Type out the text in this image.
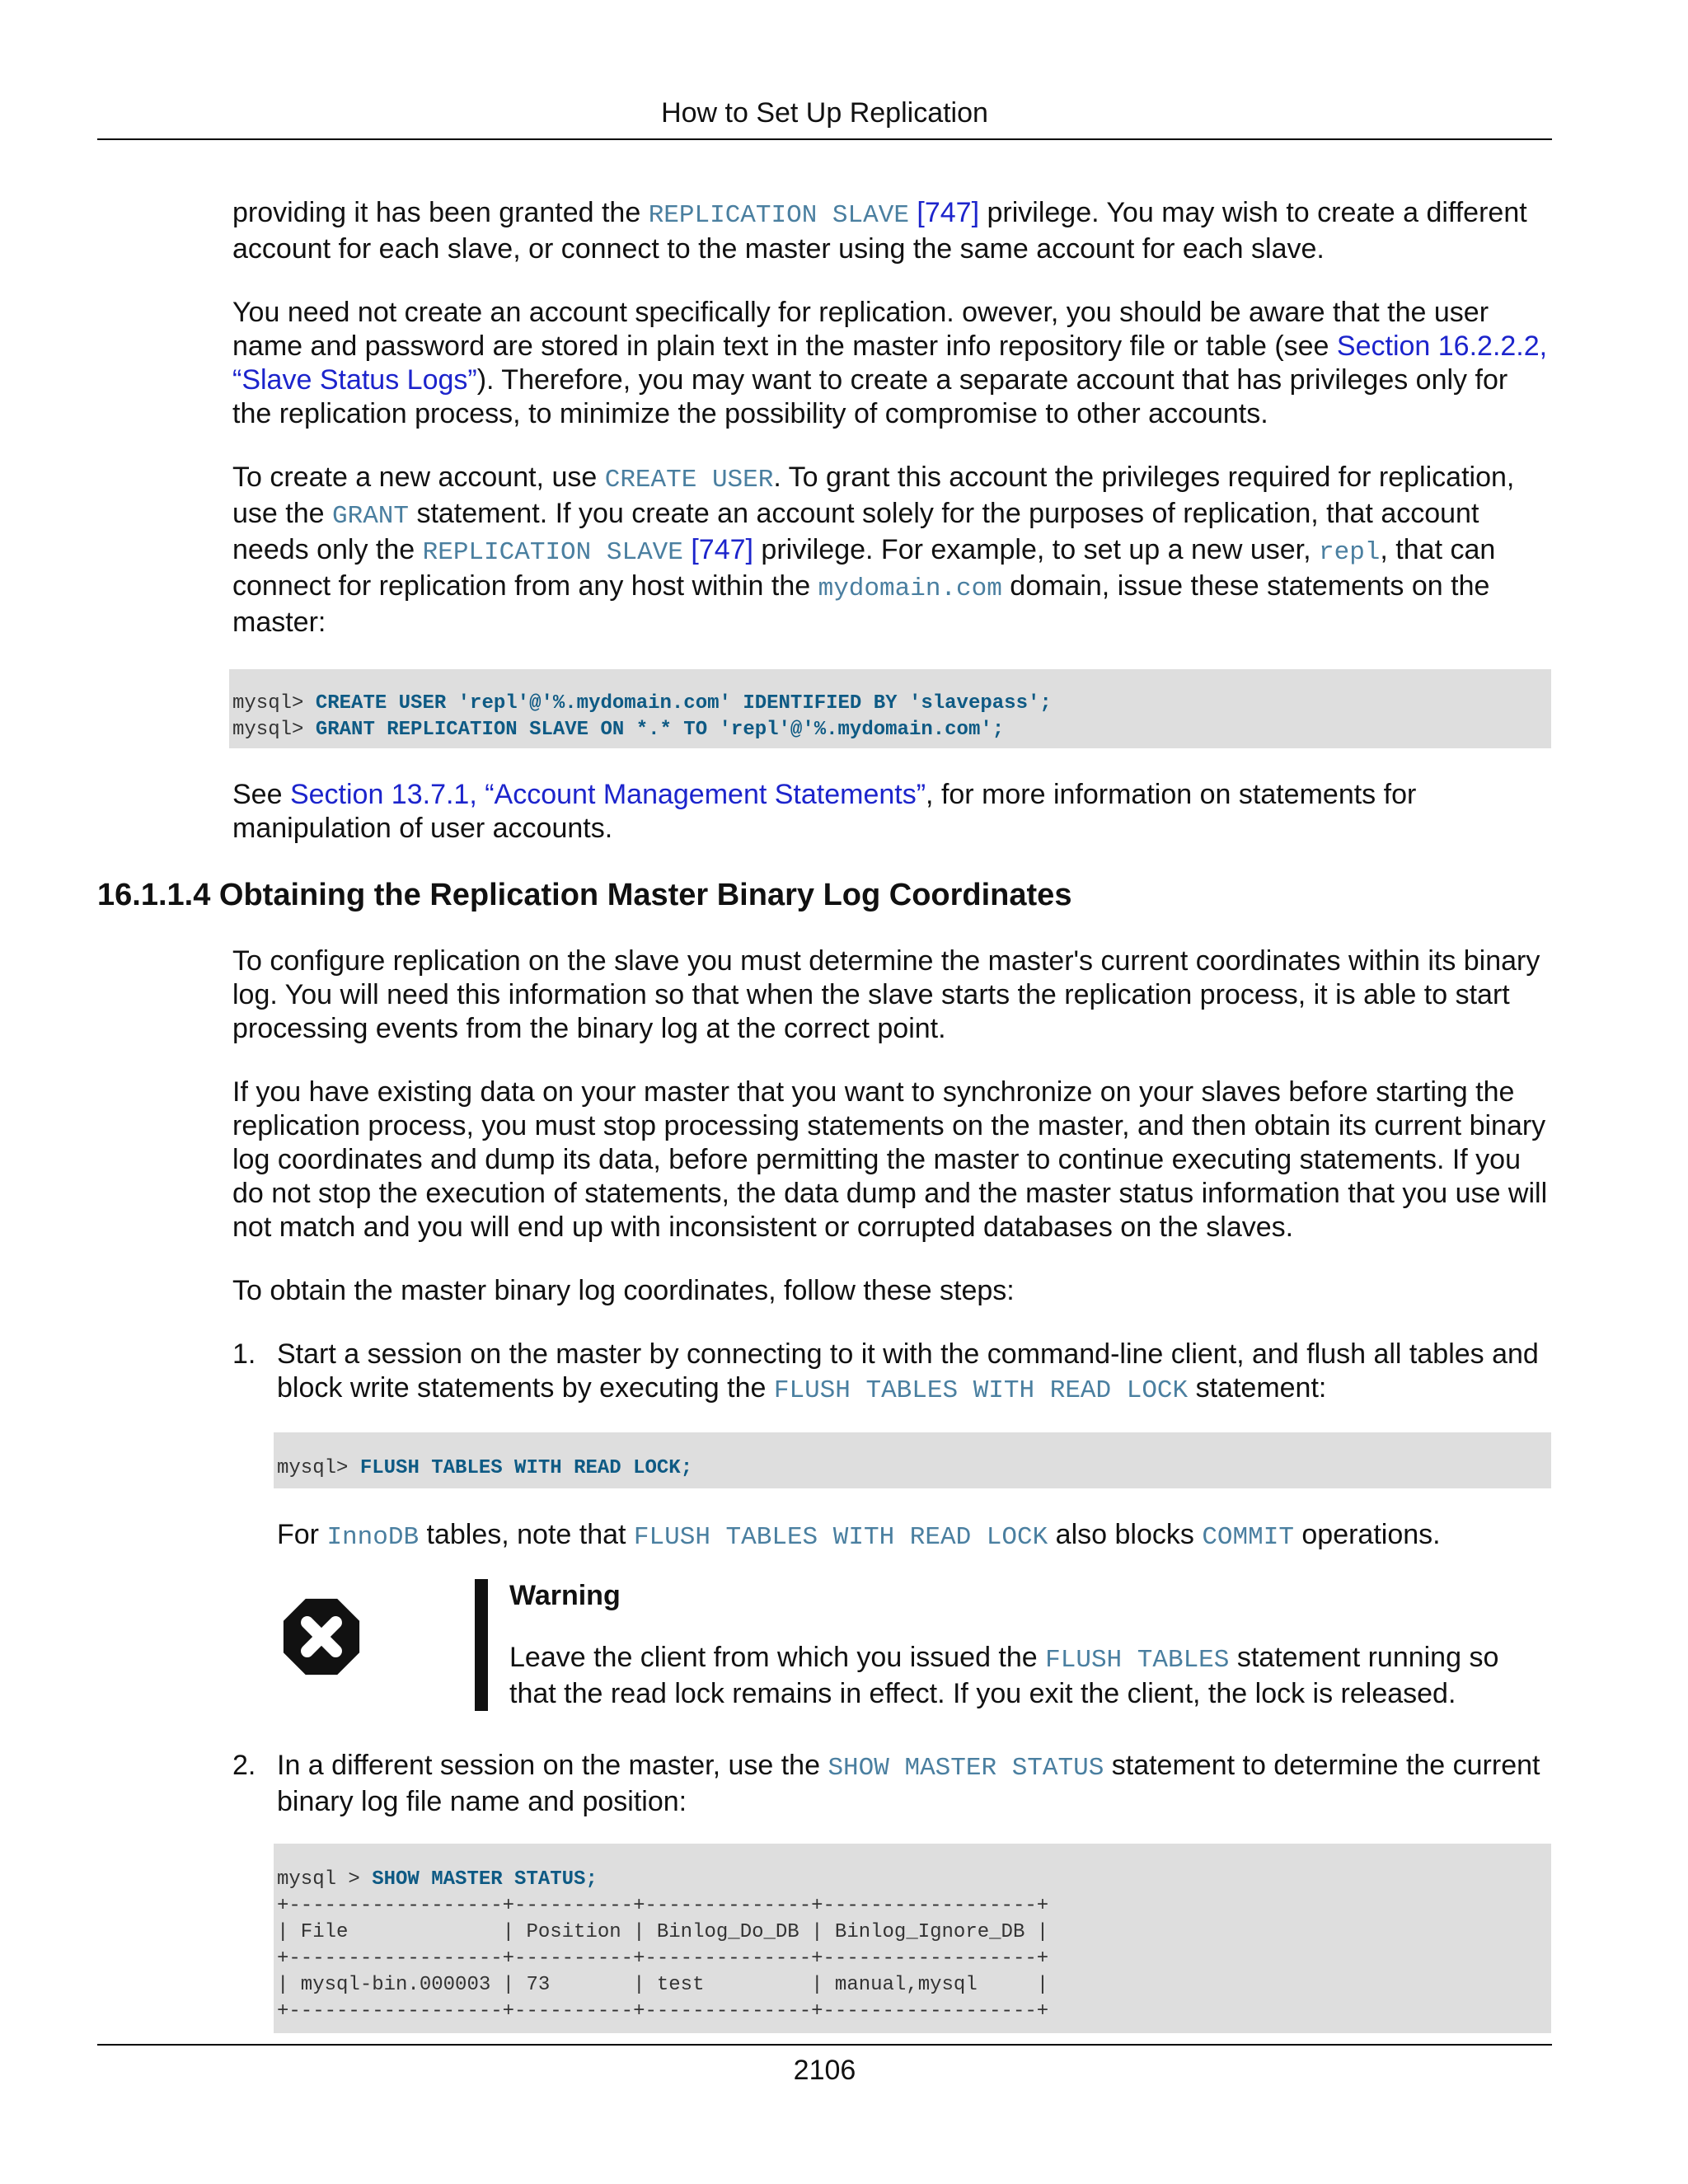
How to Set Up Replication

providing it has been granted the REPLICATION SLAVE [747] privilege. You may wish to create a different account for each slave, or connect to the master using the same account for each slave.

You need not create an account specifically for replication. owever, you should be aware that the user name and password are stored in plain text in the master info repository file or table (see Section 16.2.2.2, “Slave Status Logs”). Therefore, you may want to create a separate account that has privileges only for the replication process, to minimize the possibility of compromise to other accounts.

To create a new account, use CREATE USER. To grant this account the privileges required for replication, use the GRANT statement. If you create an account solely for the purposes of replication, that account needs only the REPLICATION SLAVE [747] privilege. For example, to set up a new user, repl, that can connect for replication from any host within the mydomain.com domain, issue these statements on the master:

mysql> CREATE USER 'repl'@'%.mydomain.com' IDENTIFIED BY 'slavepass';
mysql> GRANT REPLICATION SLAVE ON *.* TO 'repl'@'%.mydomain.com';

See Section 13.7.1, “Account Management Statements”, for more information on statements for manipulation of user accounts.

16.1.1.4 Obtaining the Replication Master Binary Log Coordinates

To configure replication on the slave you must determine the master's current coordinates within its binary log. You will need this information so that when the slave starts the replication process, it is able to start processing events from the binary log at the correct point.

If you have existing data on your master that you want to synchronize on your slaves before starting the replication process, you must stop processing statements on the master, and then obtain its current binary log coordinates and dump its data, before permitting the master to continue executing statements. If you do not stop the execution of statements, the data dump and the master status information that you use will not match and you will end up with inconsistent or corrupted databases on the slaves.

To obtain the master binary log coordinates, follow these steps:

1. Start a session on the master by connecting to it with the command-line client, and flush all tables and block write statements by executing the FLUSH TABLES WITH READ LOCK statement:

mysql> FLUSH TABLES WITH READ LOCK;

For InnoDB tables, note that FLUSH TABLES WITH READ LOCK also blocks COMMIT operations.

Warning
Leave the client from which you issued the FLUSH TABLES statement running so that the read lock remains in effect. If you exit the client, the lock is released.
2. In a different session on the master, use the SHOW MASTER STATUS statement to determine the current binary log file name and position:

mysql > SHOW MASTER STATUS;
+------------------+----------+--------------+------------------+
| File             | Position | Binlog_Do_DB | Binlog_Ignore_DB |
+------------------+----------+--------------+------------------+
| mysql-bin.000003 | 73       | test         | manual,mysql     |
+------------------+----------+--------------+------------------+
2106
